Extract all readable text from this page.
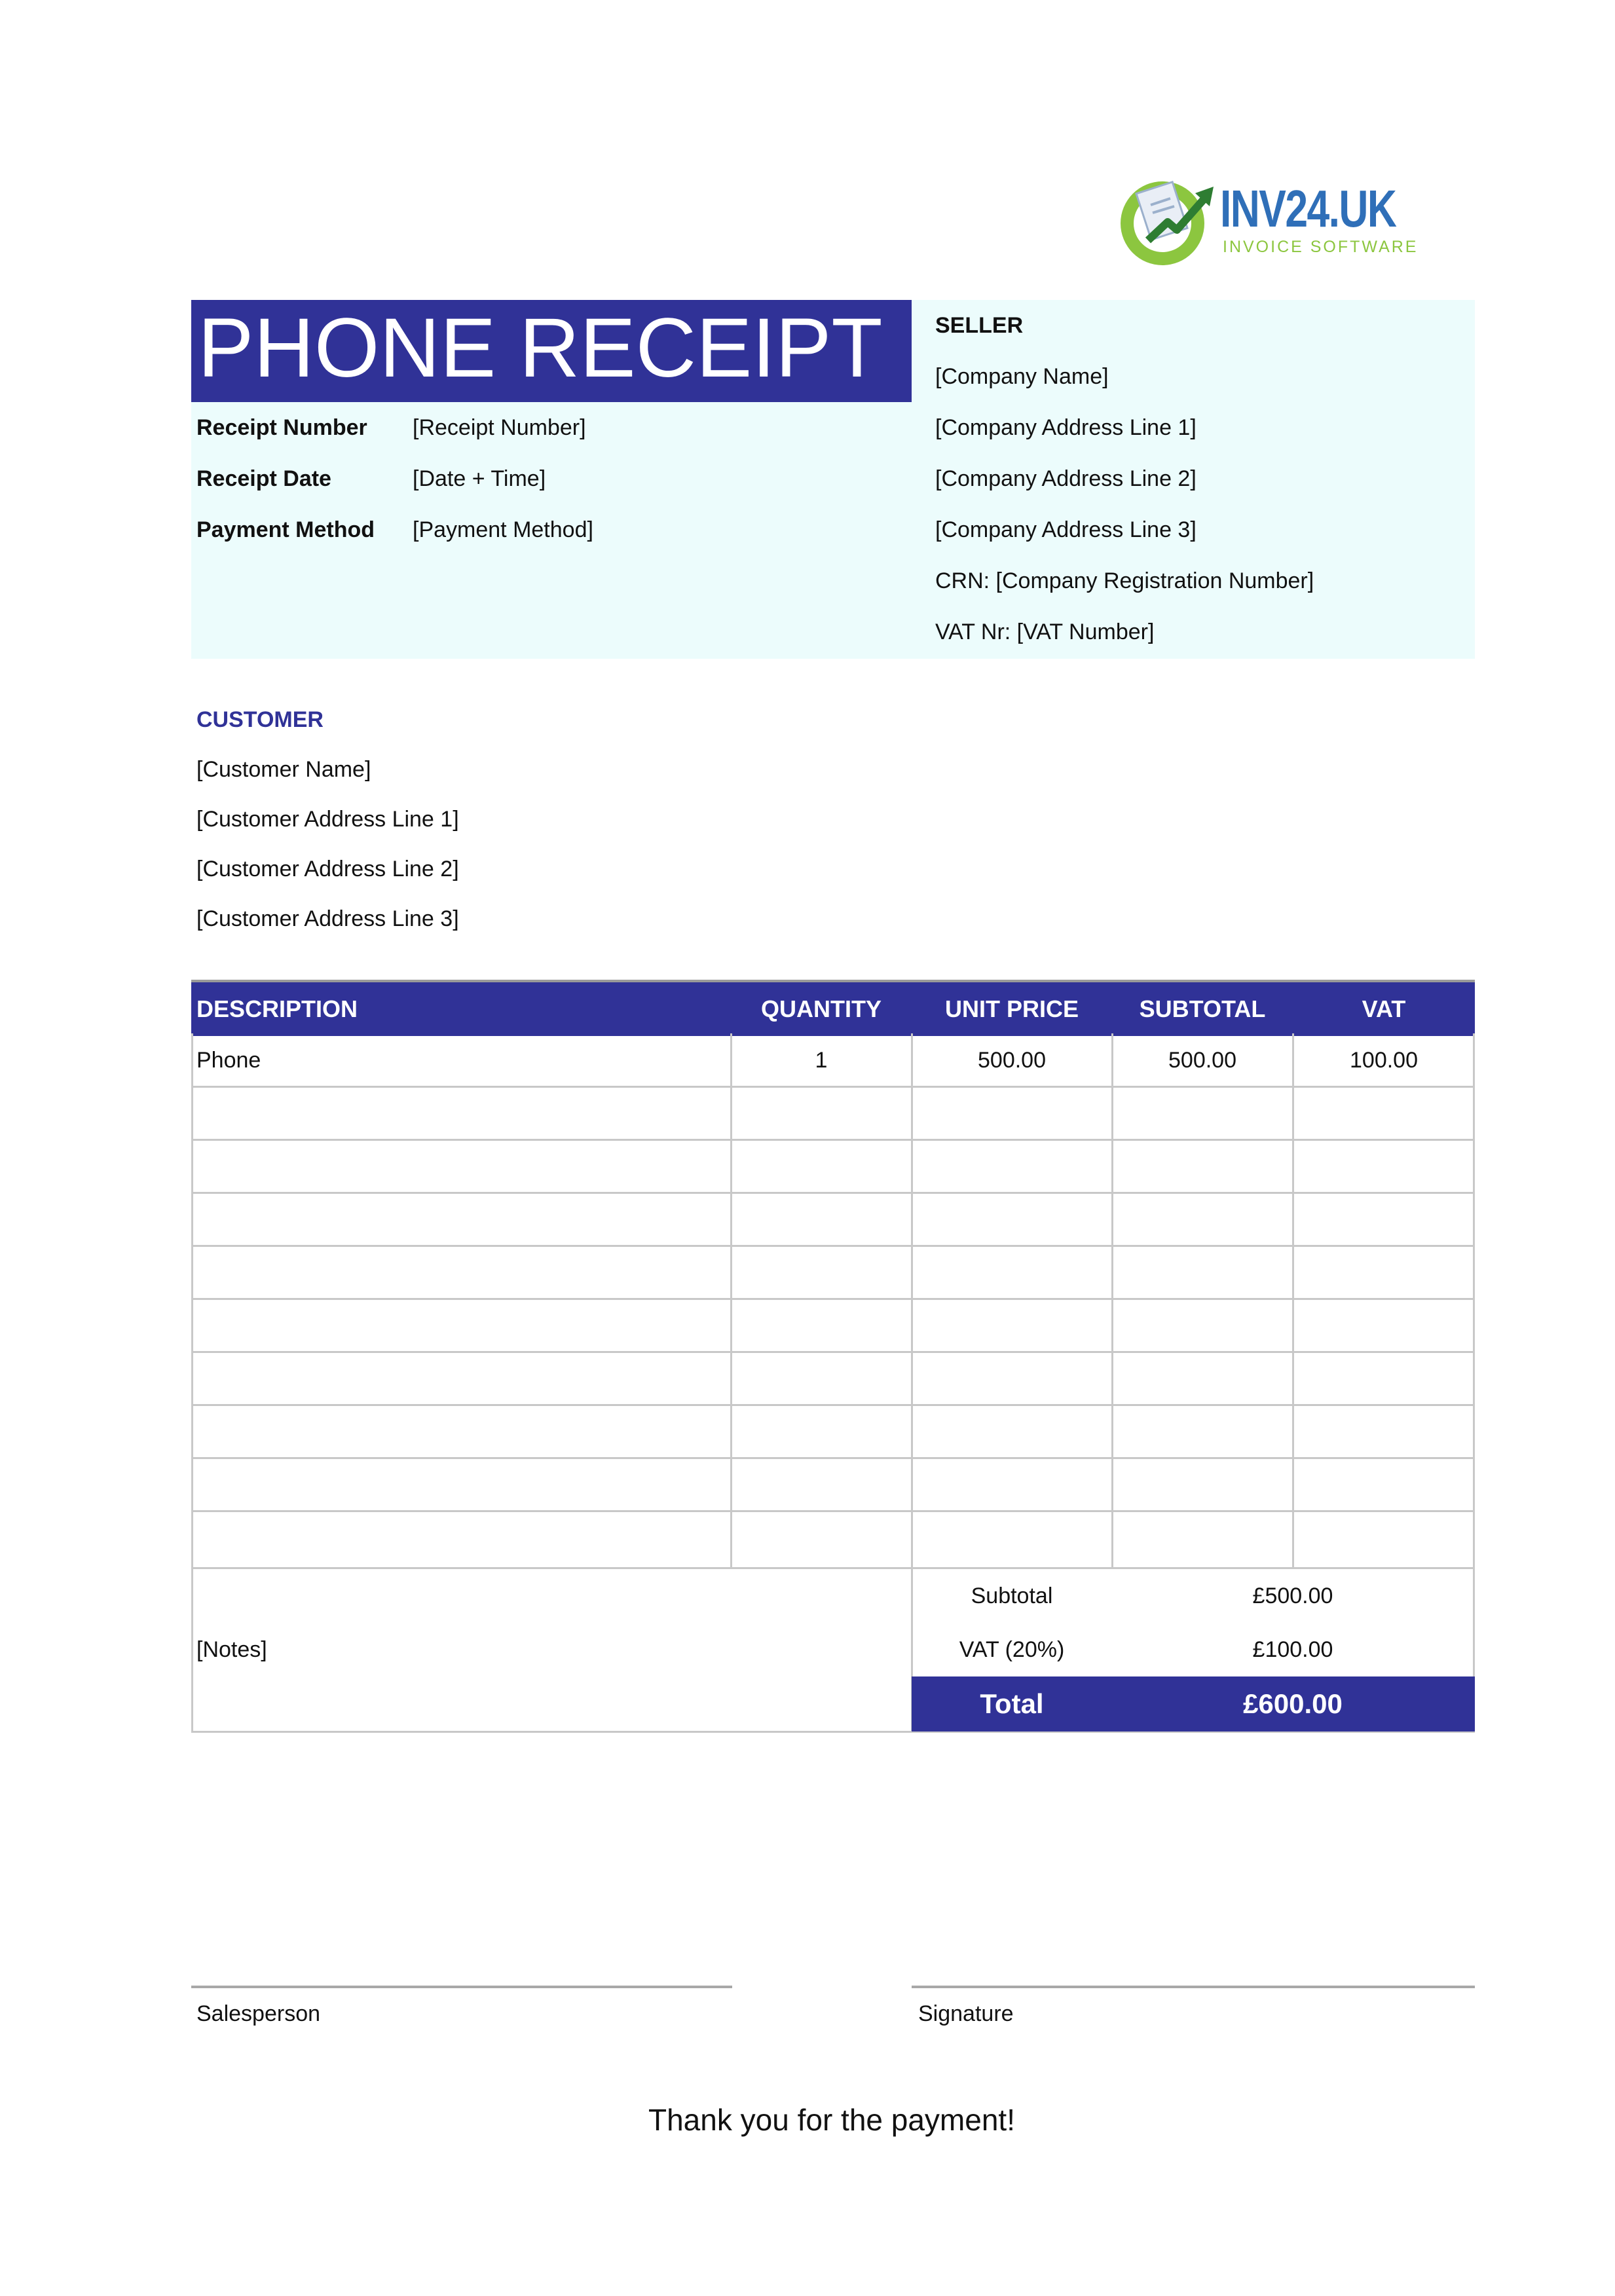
INV24.UK
INVOICE SOFTWARE
PHONE RECEIPT
Receipt Number [Receipt Number]
Receipt Date	[Date + Time]
Payment Method [Payment Method]
SELLER
[Company Name]
[Company Address Line 1]
[Company Address Line 2]
[Company Address Line 3]
CRN: [Company Registration Number]
VAT Nr: [VAT Number]
CUSTOMER
[Customer Name]
[Customer Address Line 1]
[Customer Address Line 2]
[Customer Address Line 3]
DESCRIPTION	QUANTITY	UNIT PRICE	SUBTOTAL	VAT
Phone	1	500.00	500.00	100.00
[Notes]
Subtotal	£500.00
VAT (20%)	£100.00
Total	£600.00
Salesperson	Signature
Thank you for the payment!
